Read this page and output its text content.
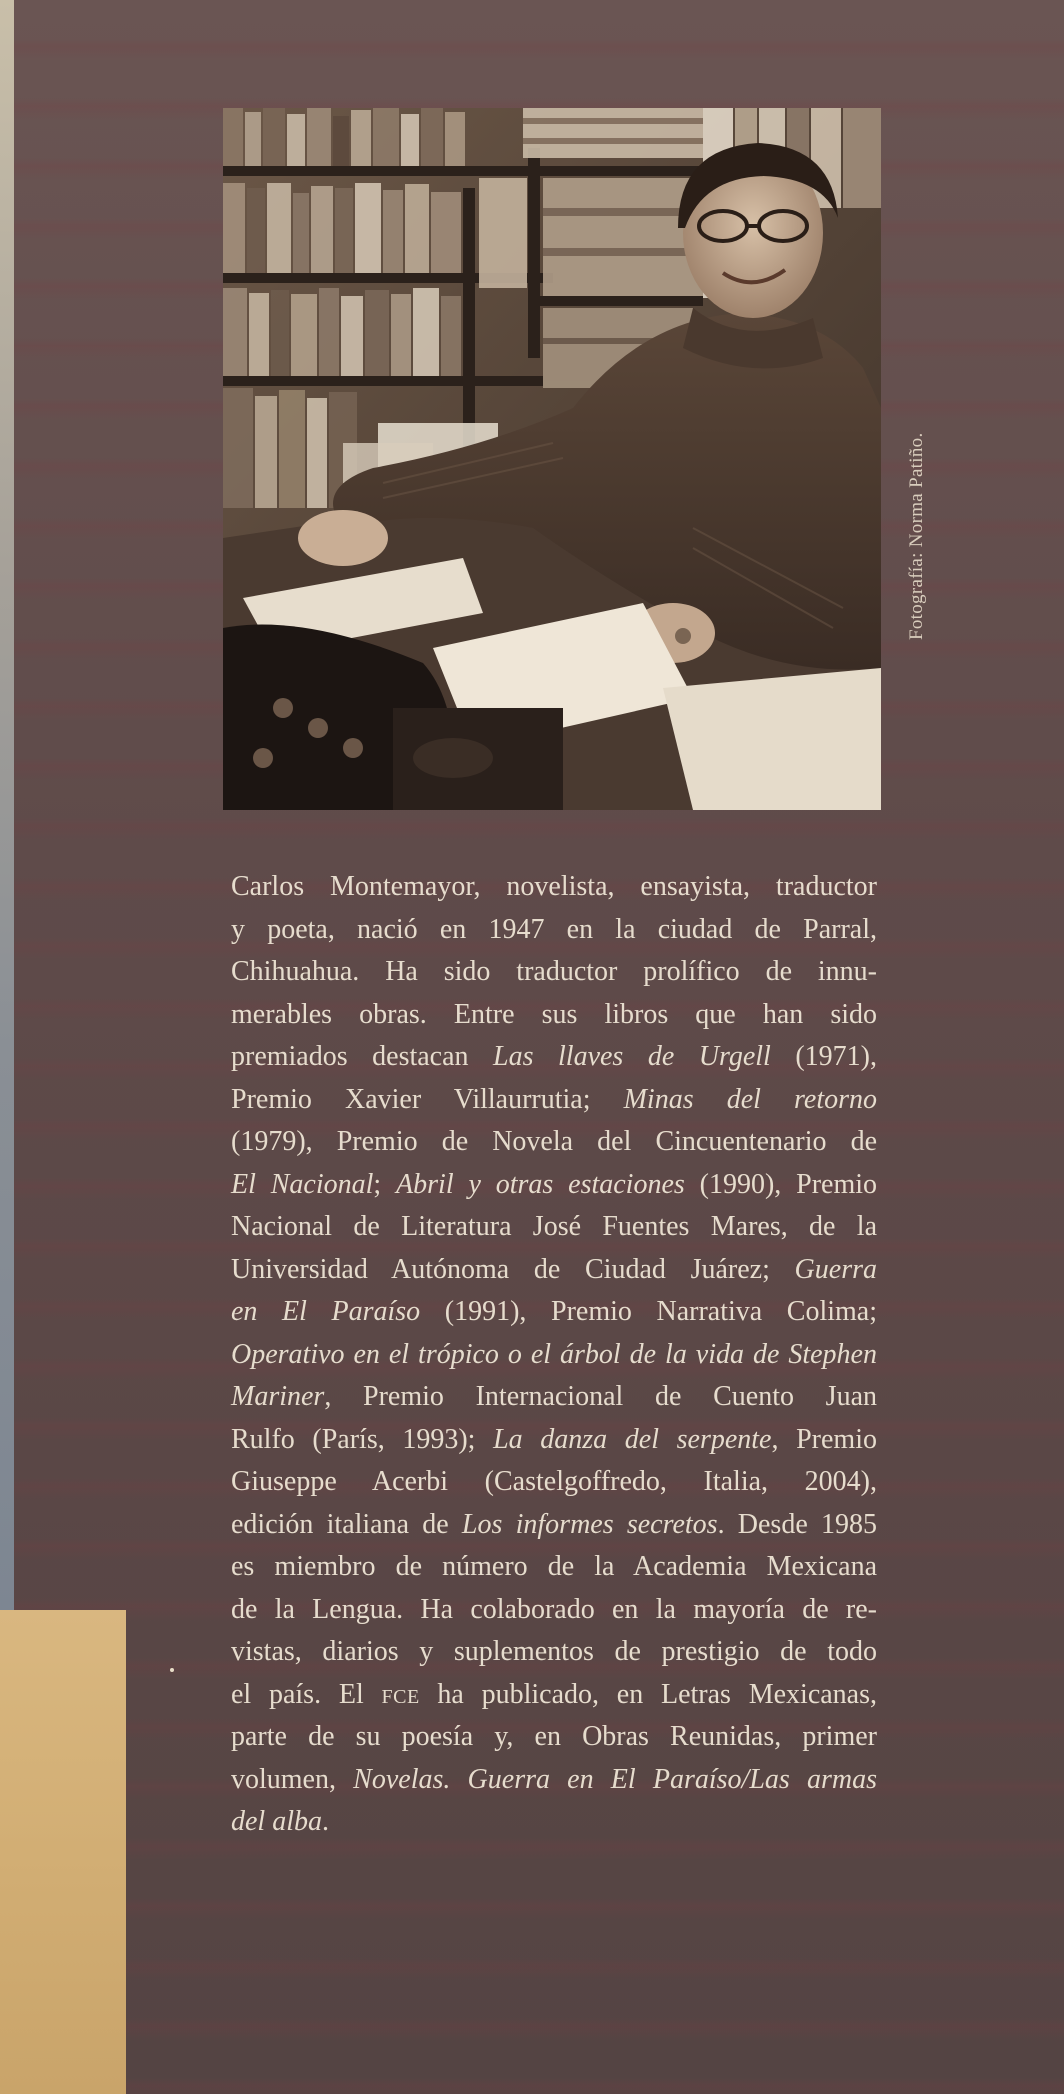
Fotografía: Norma Patiño.
Carlos Montemayor, novelista, ensayista, traductor
y poeta, nació en 1947 en la ciudad de Parral,
Chihuahua. Ha sido traductor prolífico de innu-
merables obras. Entre sus libros que han sido
premiados destacan Las llaves de Urgell (1971),
Premio Xavier Villaurrutia; Minas del retorno
(1979), Premio de Novela del Cincuentenario de
El Nacional; Abril y otras estaciones (1990), Premio
Nacional de Literatura José Fuentes Mares, de la
Universidad Autónoma de Ciudad Juárez; Guerra
en El Paraíso (1991), Premio Narrativa Colima;
Operativo en el trópico o el árbol de la vida de Stephen
Mariner, Premio Internacional de Cuento Juan
Rulfo (París, 1993); La danza del serpente, Premio
Giuseppe Acerbi (Castelgoffredo, Italia, 2004),
edición italiana de Los informes secretos. Desde 1985
es miembro de número de la Academia Mexicana
de la Lengua. Ha colaborado en la mayoría de re-
vistas, diarios y suplementos de prestigio de todo
el país. El FCE ha publicado, en Letras Mexicanas,
parte de su poesía y, en Obras Reunidas, primer
volumen, Novelas. Guerra en El Paraíso/Las armas
del alba.
